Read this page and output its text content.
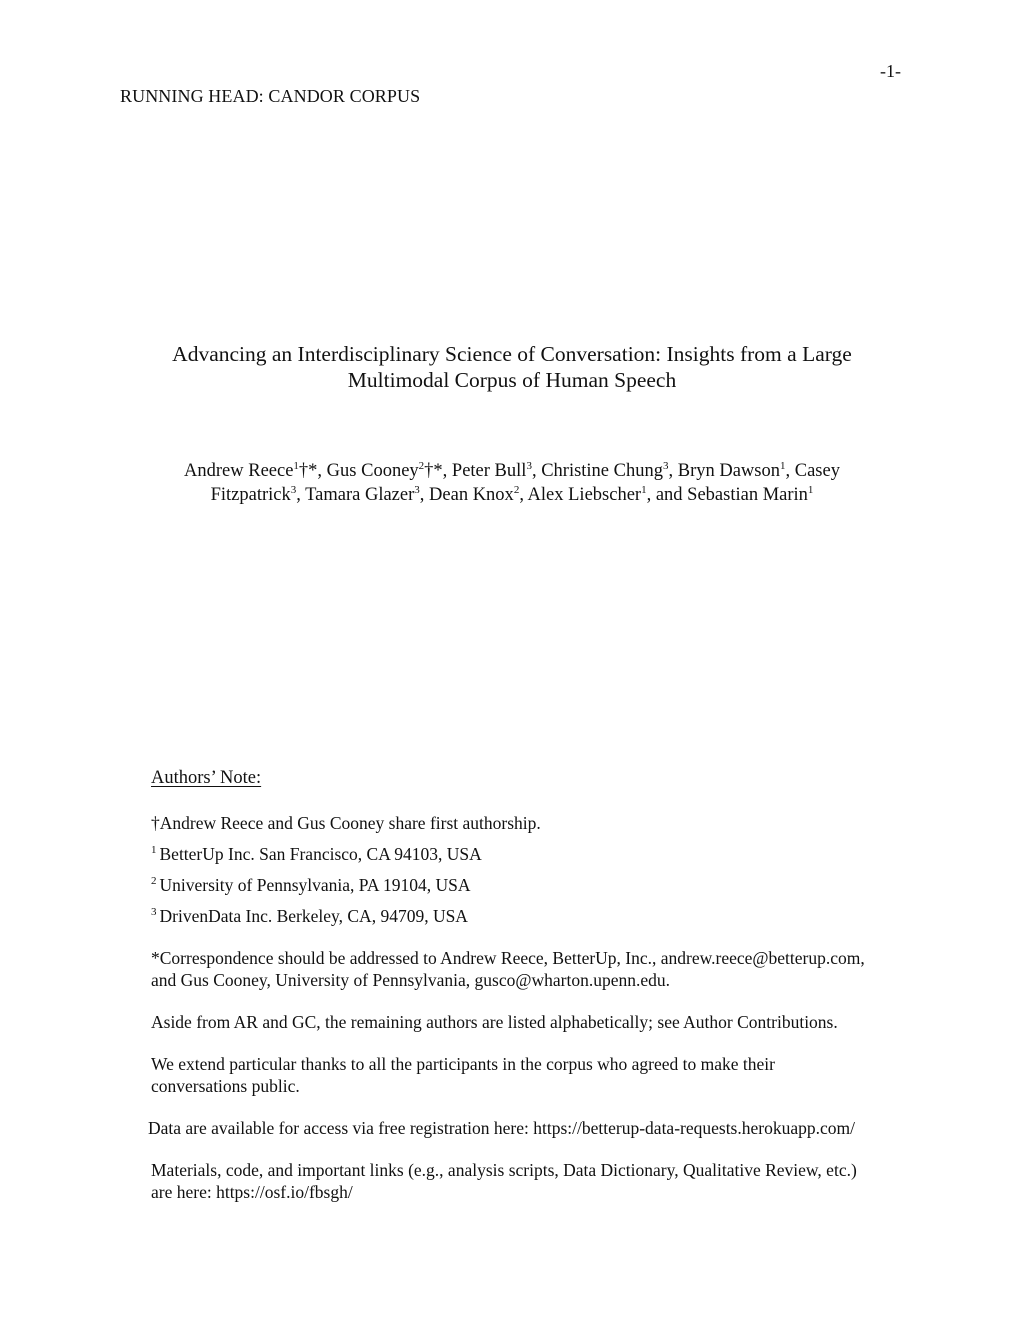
-1-
RUNNING HEAD: CANDOR CORPUS
Advancing an Interdisciplinary Science of Conversation: Insights from a Large
Multimodal Corpus of Human Speech
Andrew Reece$^1$†*, Gus Cooney$^2$†*, Peter Bull$^3$, Christine Chung$^3$, Bryn Dawson$^1$, Casey
Fitzpatrick$^3$, Tamara Glazer$^3$, Dean Knox$^2$, Alex Liebscher$^1$, and Sebastian Marin$^1$
Authors’ Note:
†Andrew Reece and Gus Cooney share first authorship.
$^1$ BetterUp Inc. San Francisco, CA 94103, USA
$^2$ University of Pennsylvania, PA 19104, USA
$^3$ DrivenData Inc. Berkeley, CA, 94709, USA
*Correspondence should be addressed to Andrew Reece, BetterUp, Inc., andrew.reece@betterup.com,
and Gus Cooney, University of Pennsylvania, gusco@wharton.upenn.edu.
Aside from AR and GC, the remaining authors are listed alphabetically; see Author Contributions.
We extend particular thanks to all the participants in the corpus who agreed to make their
conversations public.
Data are available for access via free registration here: https://betterup-data-requests.herokuapp.com/
Materials, code, and important links (e.g., analysis scripts, Data Dictionary, Qualitative Review, etc.)
are here: https://osf.io/fbsgh/
